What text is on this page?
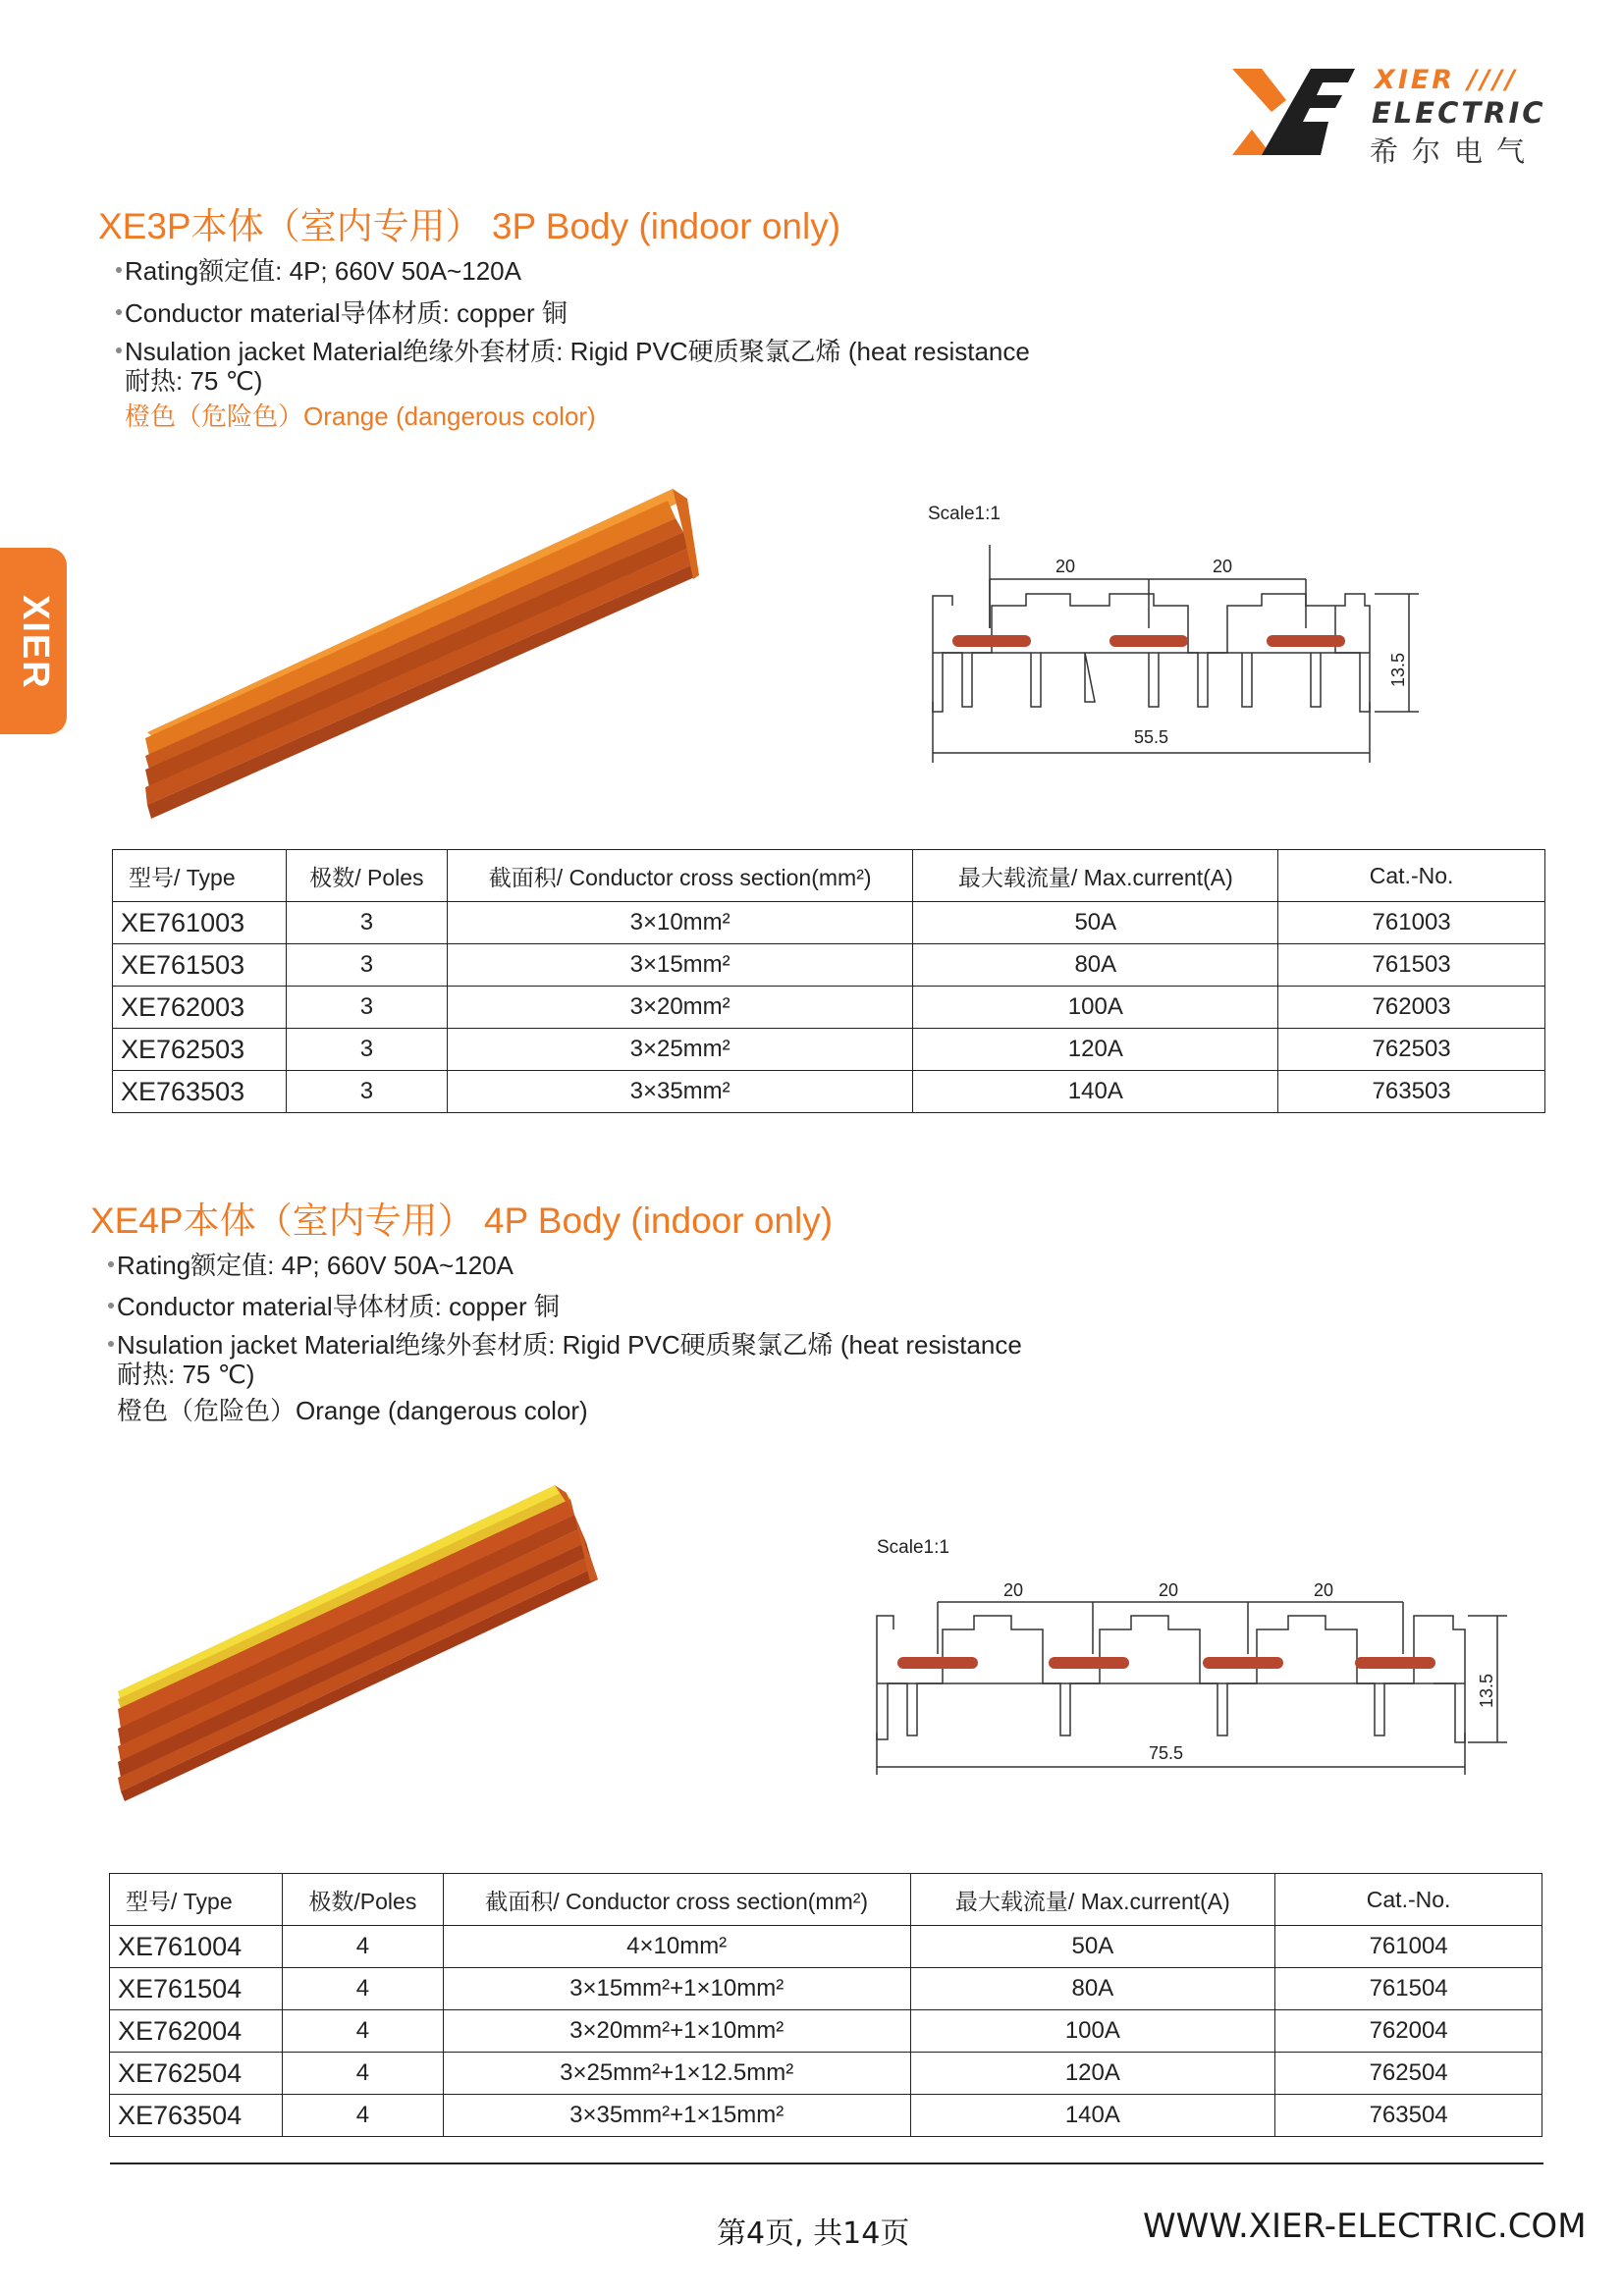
XIER ////
ELECTRIC
希尔电气
XIER
XE3P本体（室内专用） 3P Body (indoor only)
Rating额定值: 4P; 660V 50A~120A
Conductor material导体材质: copper 铜
Nsulation jacket Material绝缘外套材质: Rigid PVC硬质聚氯乙烯 (heat resistance
耐热: 75 ℃)
橙色（危险色）Orange (dangerous color)
Scale1:1
20	20
55.5
13.5
型号/ Type	极数/ Poles	截面积/ Conductor cross section(mm²)	最大载流量/ Max.current(A)	Cat.-No.
XE761003	3	3×10mm²	50A	761003
XE761503	3	3×15mm²	80A	761503
XE762003	3	3×20mm²	100A	762003
XE762503	3	3×25mm²	120A	762503
XE763503	3	3×35mm²	140A	763503
XE4P本体（室内专用） 4P Body (indoor only)
Rating额定值: 4P; 660V 50A~120A
Conductor material导体材质: copper 铜
Nsulation jacket Material绝缘外套材质: Rigid PVC硬质聚氯乙烯 (heat resistance
耐热: 75 ℃)
橙色（危险色）Orange (dangerous color)
Scale1:1
20	20	20
75.5
13.5
型号/ Type	极数/Poles	截面积/ Conductor cross section(mm²)	最大载流量/ Max.current(A)	Cat.-No.
XE761004	4	4×10mm²	50A	761004
XE761504	4	3×15mm²+1×10mm²	80A	761504
XE762004	4	3×20mm²+1×10mm²	100A	762004
XE762504	4	3×25mm²+1×12.5mm²	120A	762504
XE763504	4	3×35mm²+1×15mm²	140A	763504
第4页, 共14页	WWW.XIER-ELECTRIC.COM
